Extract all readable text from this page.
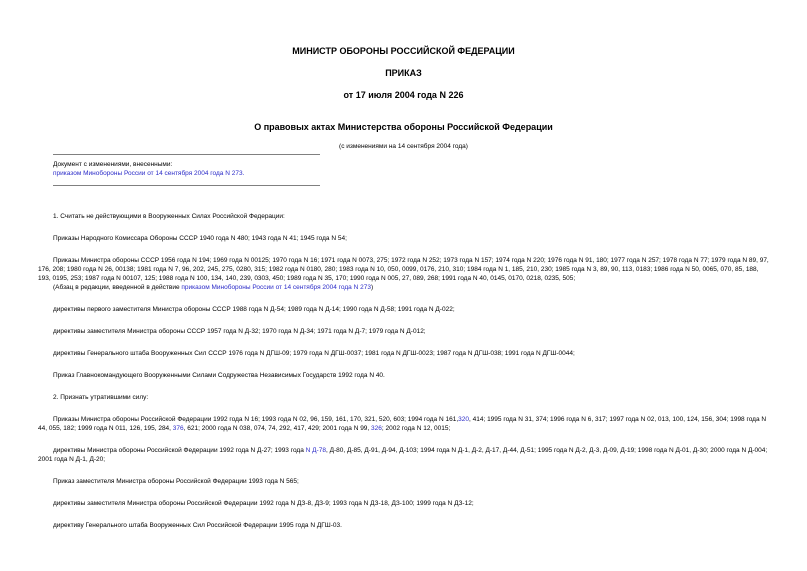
МИНИСТР ОБОРОНЫ РОССИЙСКОЙ ФЕДЕРАЦИИ
ПРИКАЗ
от 17 июля 2004 года N 226
О правовых актах Министерства обороны Российской Федерации
(с изменениями на 14 сентября 2004 года)
Документ с изменениями, внесенными:
приказом Минобороны России от 14 сентября 2004 года N 273.

1. Считать не действующими в Вооруженных Силах Российской Федерации:

Приказы Народного Комиссара Обороны СССР 1940 года N 480; 1943 года N 41; 1945 года N 54;

Приказы Министра обороны СССР 1956 года N 194; 1969 года N 00125; 1970 года N 16; 1971 года N 0073, 275; 1972 года N 252; 1973 года N 157; 1974 года N 220; 1976 года N 91, 180; 1977 года N 257; 1978 года N 77; 1979 года N 89, 97, 176, 208; 1980 года N 26, 00138; 1981 года N 7, 96, 202, 245, 275, 0280, 315; 1982 года N 0180, 280; 1983 года N 10, 050, 0099, 0176, 210, 310; 1984 года N 1, 185, 210, 230; 1985 года N 3, 89, 90, 113, 0183; 1986 года N 50, 0065, 070, 85, 188, 193, 0195, 253; 1987 года N 00107, 125; 1988 года N 100, 134, 140, 239, 0303, 450; 1989 года N 35, 170; 1990 года N 005, 27, 089, 268; 1991 года N 40, 0145, 0170, 0218, 0235, 505;

(Абзац в редакции, введенной в действие приказом Минобороны России от 14 сентября 2004 года N 273)

директивы первого заместителя Министра обороны СССР 1988 года N Д-54; 1989 года N Д-14; 1990 года N Д-58; 1991 года N Д-022;

директивы заместителя Министра обороны СССР 1957 года N Д-32; 1970 года N Д-34; 1971 года N Д-7; 1979 года N Д-012;

директивы Генерального штаба Вооруженных Сил СССР 1976 года N ДГШ-09; 1979 года N ДГШ-0037; 1981 года N ДГШ-0023; 1987 года N ДГШ-038; 1991 года N ДГШ-0044;

Приказ Главнокомандующего Вооруженными Силами Содружества Независимых Государств 1992 года N 40.

2. Признать утратившими силу:

Приказы Министра обороны Российской Федерации 1992 года N 16; 1993 года N 02, 96, 159, 161, 170, 321, 520, 603; 1994 года N 161,320, 414; 1995 года N 31, 374; 1996 года N 6, 317; 1997 года N 02, 013, 100, 124, 156, 304; 1998 года N 44, 055, 182; 1999 года N 011, 126, 195, 284, 376, 621; 2000 года N 038, 074, 74, 292, 417, 429; 2001 года N 99, 326; 2002 года N 12, 0015;

директивы Министра обороны Российской Федерации 1992 года N Д-27; 1993 года N Д-78, Д-80, Д-85, Д-91, Д-94, Д-103; 1994 года N Д-1, Д-2, Д-17, Д-44, Д-51; 1995 года N Д-2, Д-3, Д-09, Д-19; 1998 года N Д-01, Д-30; 2000 года N Д-004; 2001 года N Д-1, Д-20;

Приказ заместителя Министра обороны Российской Федерации 1993 года N 565;

директивы заместителя Министра обороны Российской Федерации 1992 года N ДЗ-8, ДЗ-9; 1993 года N ДЗ-18, ДЗ-100; 1999 года N ДЗ-12;

директиву Генерального штаба Вооруженных Сил Российской Федерации 1995 года N ДГШ-03.
